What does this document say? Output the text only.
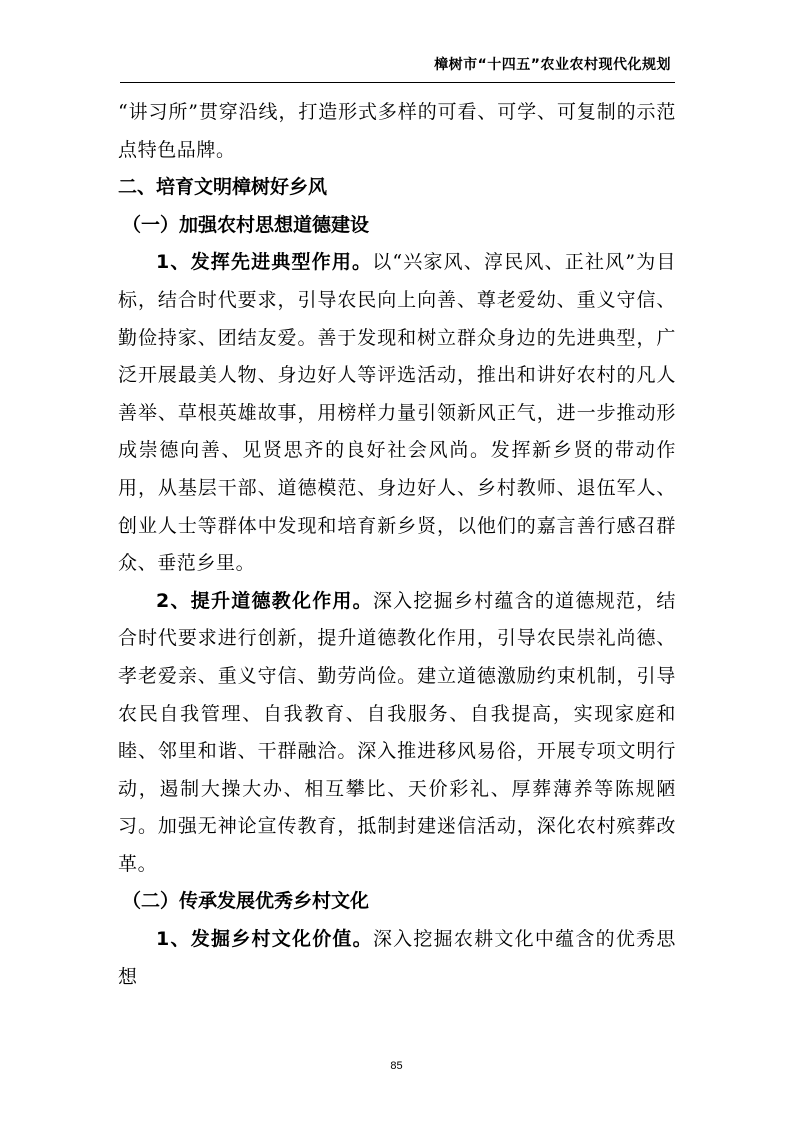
樟树市“十四五”农业农村现代化规划

“讲习所”贯穿沿线，打造形式多样的可看、可学、可复制的示范点特色品牌。

二、培育文明樟树好乡风

（一）加强农村思想道德建设

1、发挥先进典型作用。以“兴家风、淳民风、正社风”为目标，结合时代要求，引导农民向上向善、尊老爱幼、重义守信、勤俭持家、团结友爱。善于发现和树立群众身边的先进典型，广泛开展最美人物、身边好人等评选活动，推出和讲好农村的凡人善举、草根英雄故事，用榜样力量引领新风正气，进一步推动形成崇德向善、见贤思齐的良好社会风尚。发挥新乡贤的带动作用，从基层干部、道德模范、身边好人、乡村教师、退伍军人、创业人士等群体中发现和培育新乡贤，以他们的嘉言善行感召群众、垂范乡里。

2、提升道德教化作用。深入挖掘乡村蕴含的道德规范，结合时代要求进行创新，提升道德教化作用，引导农民崇礼尚德、孝老爱亲、重义守信、勤劳尚俭。建立道德激励约束机制，引导农民自我管理、自我教育、自我服务、自我提高，实现家庭和睦、邻里和谐、干群融洽。深入推进移风易俗，开展专项文明行动，遏制大操大办、相互攀比、天价彩礼、厚葬薄养等陈规陋习。加强无神论宣传教育，抵制封建迷信活动，深化农村殡葬改革。

（二）传承发展优秀乡村文化

1、发掘乡村文化价值。深入挖掘农耕文化中蕴含的优秀思想

85
